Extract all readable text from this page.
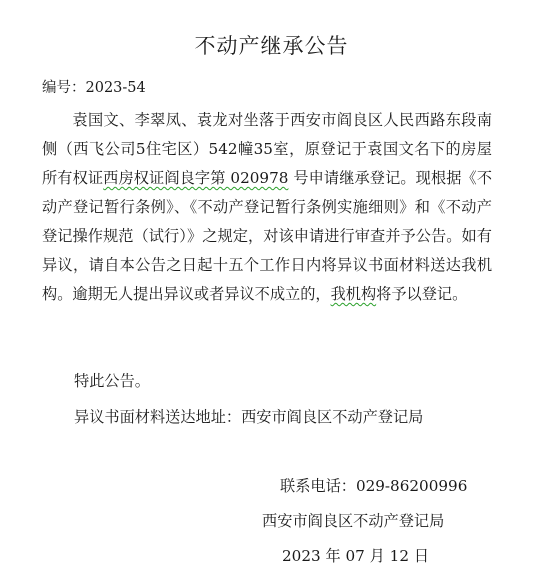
不动产继承公告
编号：2023-54

袁国文、李翠凤、袁龙对坐落于西安市阎良区人民西路东段南侧（西飞公司5住宅区）542幢35室，原登记于袁国文名下的房屋所有权证西房权证阎良字第 020978 号申请继承登记。现根据《不动产登记暂行条例》、《不动产登记暂行条例实施细则》和《不动产登记操作规范（试行）》之规定，对该申请进行审查并予公告。如有异议，请自本公告之日起十五个工作日内将异议书面材料送达我机构。逾期无人提出异议或者异议不成立的，我机构将予以登记。

特此公告。
异议书面材料送达地址：西安市阎良区不动产登记局
联系电话：029-86200996
西安市阎良区不动产登记局
2023 年 07 月 12 日
